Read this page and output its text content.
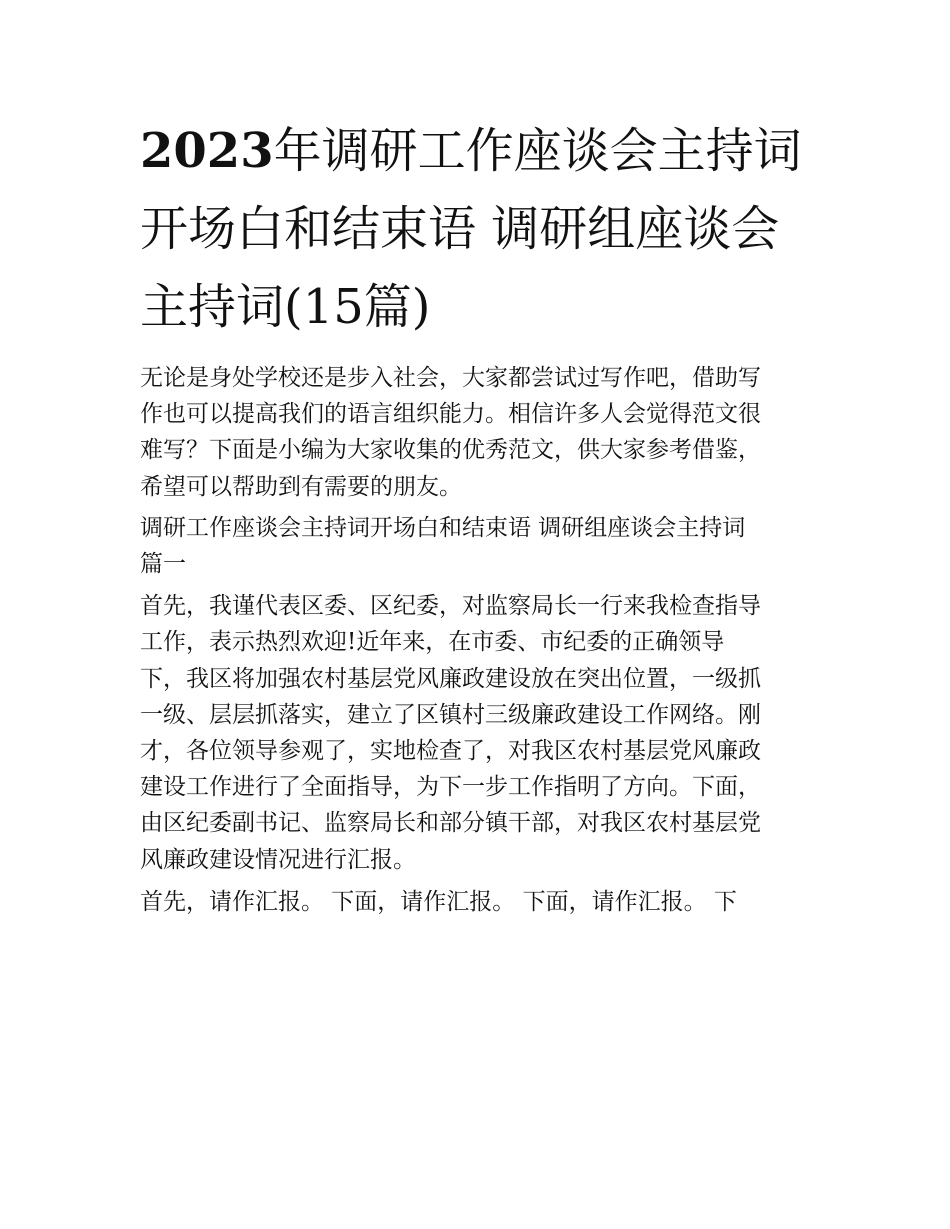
2023年调研工作座谈会主持词
开场白和结束语 调研组座谈会
主持词(15篇)

无论是身处学校还是步入社会，大家都尝试过写作吧，借助写
作也可以提高我们的语言组织能力。相信许多人会觉得范文很
难写？下面是小编为大家收集的优秀范文，供大家参考借鉴，
希望可以帮助到有需要的朋友。

调研工作座谈会主持词开场白和结束语 调研组座谈会主持词
篇一

首先，我谨代表区委、区纪委，对监察局长一行来我检查指导
工作，表示热烈欢迎!近年来，在市委、市纪委的正确领导
下，我区将加强农村基层党风廉政建设放在突出位置，一级抓
一级、层层抓落实，建立了区镇村三级廉政建设工作网络。刚
才，各位领导参观了，实地检查了，对我区农村基层党风廉政
建设工作进行了全面指导，为下一步工作指明了方向。下面，
由区纪委副书记、监察局长和部分镇干部，对我区农村基层党
风廉政建设情况进行汇报。

首先，请作汇报。 下面，请作汇报。 下面，请作汇报。 下
